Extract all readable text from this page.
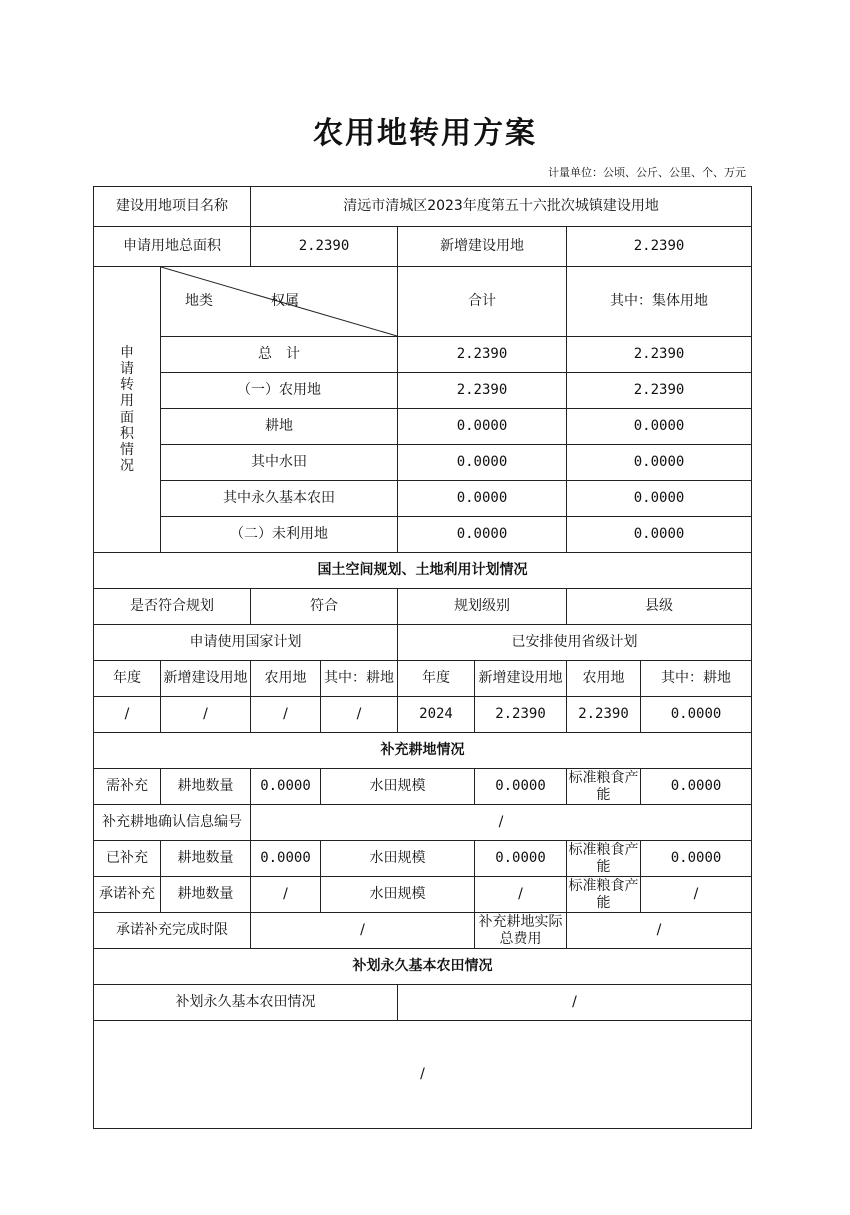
农用地转用方案
计量单位：公顷、公斤、公里、个、万元
建设用地项目名称		清远市清城区2023年度第五十六批次城镇建设用地					
申请用地总面积		2.2390		新增建设用地		2.2390	

申请转用面积情况	地类 权属			合计		其中：集体用地	
	总　计			2.2390		2.2390	
	（一）农用地			2.2390		2.2390	
	耕地			0.0000		0.0000	
	其中水田			0.0000		0.0000	
	其中永久基本农田			0.0000		0.0000	
	（二）未利用地			0.0000		0.0000	
国土空间规划、土地利用计划情况							
是否符合规划		符合		规划级别		县级	
申请使用国家计划				已安排使用省级计划			
年度	新增建设用地	农用地	其中：耕地	年度	新增建设用地	农用地	其中：耕地
/	/	/	/	2024	2.2390	2.2390	0.0000
补充耕地情况							
需补充	耕地数量	0.0000	水田规模		0.0000	标准粮食产能	0.0000
补充耕地确认信息编号		/					
已补充	耕地数量	0.0000	水田规模		0.0000	标准粮食产能	0.0000
承诺补充	耕地数量	/	水田规模		/	标准粮食产能	/
承诺补充完成时限		/			补充耕地实际总费用	/	
补划永久基本农田情况							
补划永久基本农田情况				/			
/							
